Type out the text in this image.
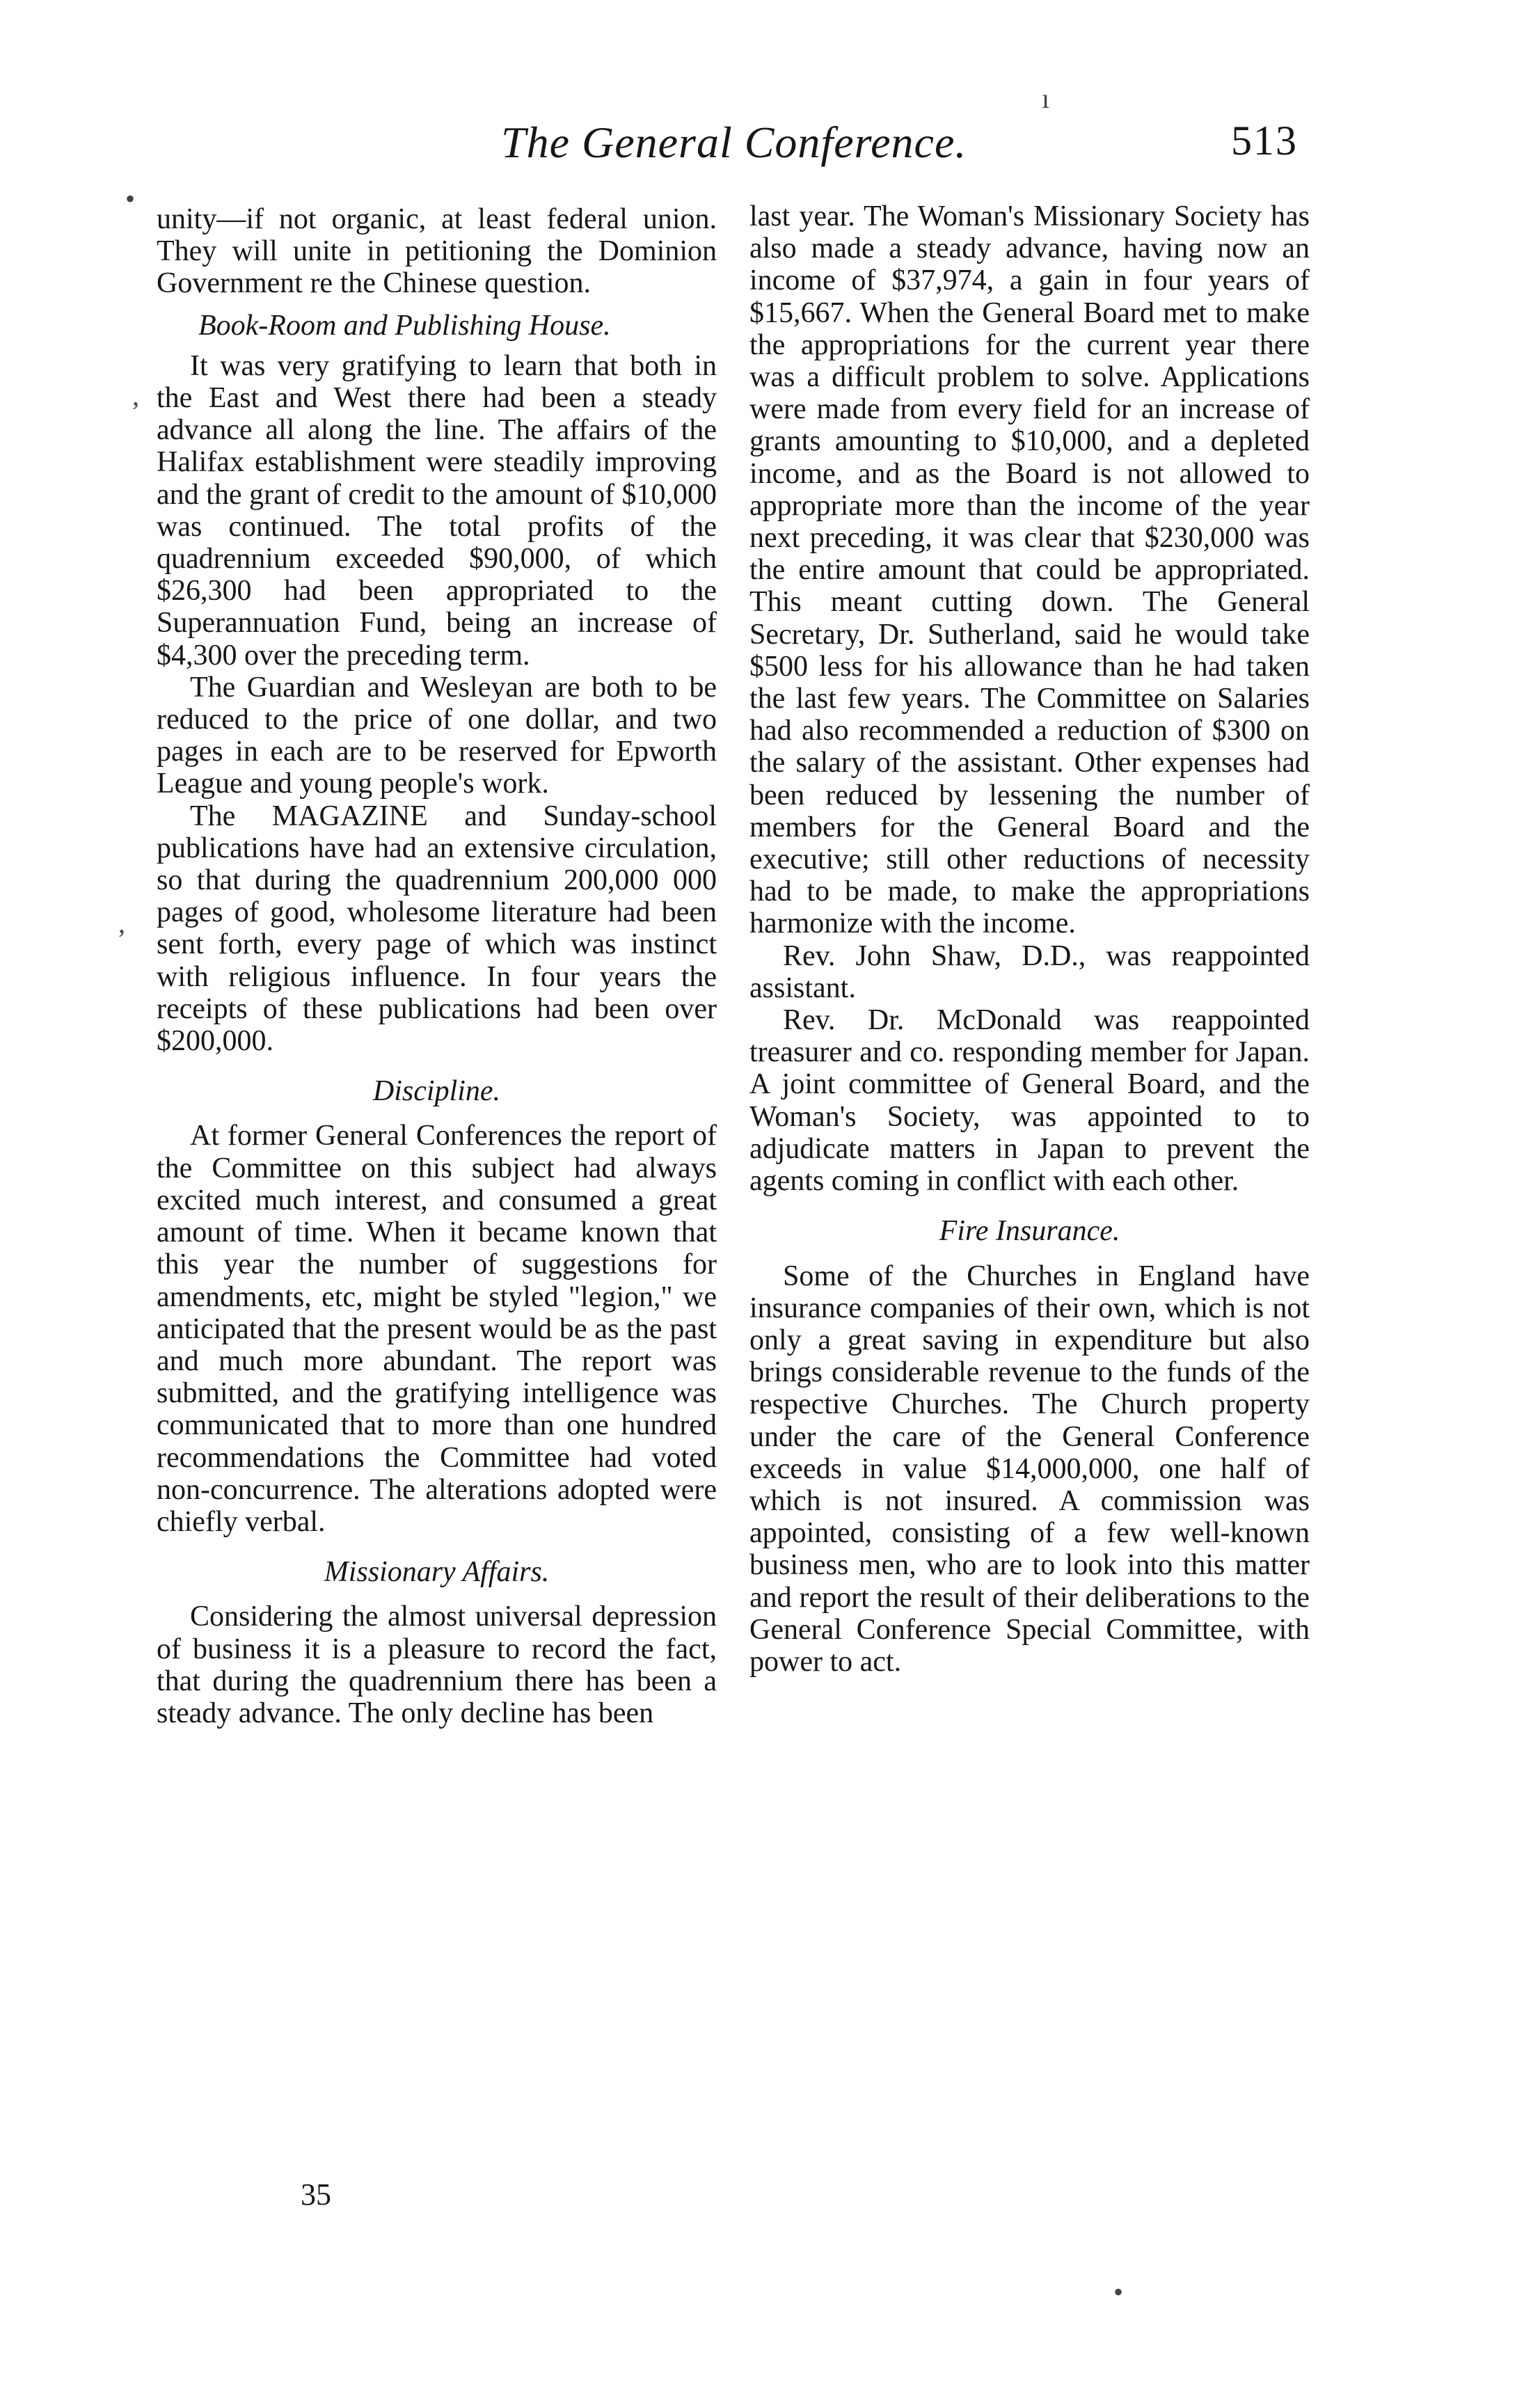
The General Conference.	513
ı
•
,
,
•

unity—if not organic, at least federal union. They will unite in petitioning the Dominion Government re the Chinese question.

Book-Room and Publishing House.

It was very gratifying to learn that both in the East and West there had been a steady advance all along the line. The affairs of the Halifax establishment were steadily improving and the grant of credit to the amount of $10,000 was continued. The total profits of the quadrennium exceeded $90,000, of which $26,300 had been appropriated to the Superannuation Fund, being an increase of $4,300 over the preceding term.

The Guardian and Wesleyan are both to be reduced to the price of one dollar, and two pages in each are to be reserved for Epworth League and young people's work.

The MAGAZINE and Sunday-school publications have had an extensive circulation, so that during the quadrennium 200,000 000 pages of good, wholesome literature had been sent forth, every page of which was instinct with religious influence. In four years the receipts of these publications had been over $200,000.

Discipline.

At former General Conferences the report of the Committee on this subject had always excited much interest, and consumed a great amount of time. When it became known that this year the number of suggestions for amendments, etc, might be styled "legion," we anticipated that the present would be as the past and much more abundant. The report was submitted, and the gratifying intelligence was communicated that to more than one hundred recommendations the Committee had voted non-concurrence. The alterations adopted were chiefly verbal.

Missionary Affairs.

Considering the almost universal depression of business it is a pleasure to record the fact, that during the quadrennium there has been a steady advance. The only decline has been

last year. The Woman's Missionary Society has also made a steady advance, having now an income of $37,974, a gain in four years of $15,667. When the General Board met to make the appropriations for the current year there was a difficult problem to solve. Applications were made from every field for an increase of grants amounting to $10,000, and a depleted income, and as the Board is not allowed to appropriate more than the income of the year next preceding, it was clear that $230,000 was the entire amount that could be appropriated. This meant cutting down. The General Secretary, Dr. Sutherland, said he would take $500 less for his allowance than he had taken the last few years. The Committee on Salaries had also recommended a reduction of $300 on the salary of the assistant. Other expenses had been reduced by lessening the number of members for the General Board and the executive; still other reductions of necessity had to be made, to make the appropriations harmonize with the income.

Rev. John Shaw, D.D., was reappointed assistant.

Rev. Dr. McDonald was reappointed treasurer and co. responding member for Japan. A joint committee of General Board, and the Woman's Society, was appointed to to adjudicate matters in Japan to prevent the agents coming in conflict with each other.

Fire Insurance.

Some of the Churches in England have insurance companies of their own, which is not only a great saving in expenditure but also brings considerable revenue to the funds of the respective Churches. The Church property under the care of the General Conference exceeds in value $14,000,000, one half of which is not insured. A commission was appointed, consisting of a few well-known business men, who are to look into this matter and report the result of their deliberations to the General Conference Special Committee, with power to act.

35
